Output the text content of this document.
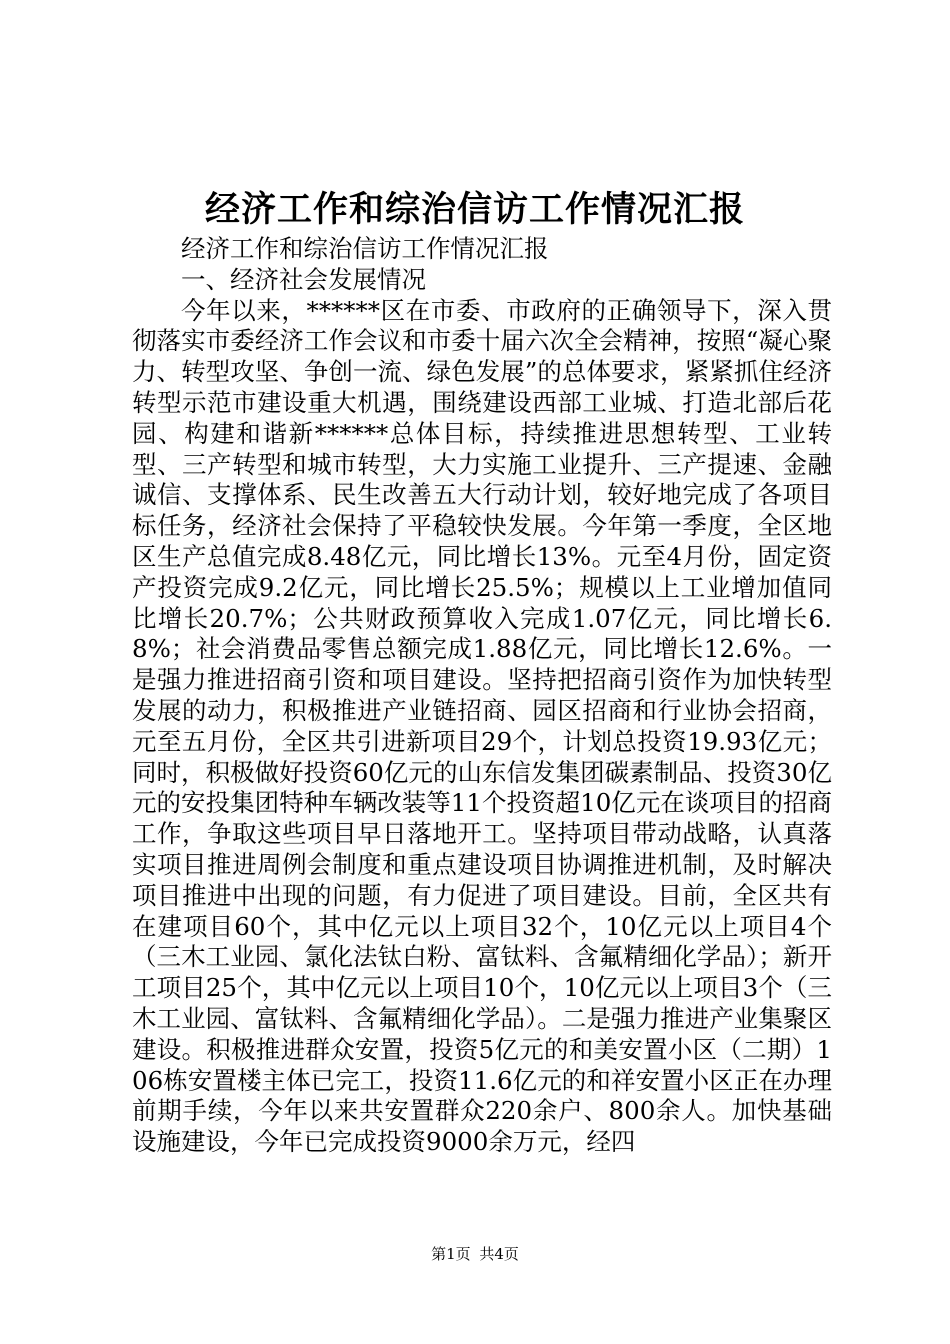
经济工作和综治信访工作情况汇报

经济工作和综治信访工作情况汇报

一、经济社会发展情况

今年以来，******区在市委、市政府的正确领导下，深入贯彻落实市委经济工作会议和市委十届六次全会精神，按照“凝心聚力、转型攻坚、争创一流、绿色发展”的总体要求，紧紧抓住经济转型示范市建设重大机遇，围绕建设西部工业城、打造北部后花园、构建和谐新******总体目标，持续推进思想转型、工业转型、三产转型和城市转型，大力实施工业提升、三产提速、金融诚信、支撑体系、民生改善五大行动计划，较好地完成了各项目标任务，经济社会保持了平稳较快发展。今年第一季度，全区地区生产总值完成8.48亿元，同比增长13%。元至4月份，固定资产投资完成9.2亿元，同比增长25.5%；规模以上工业增加值同比增长20.7%；公共财政预算收入完成1.07亿元，同比增长6.8%；社会消费品零售总额完成1.88亿元，同比增长12.6%。一是强力推进招商引资和项目建设。坚持把招商引资作为加快转型发展的动力，积极推进产业链招商、园区招商和行业协会招商，元至五月份，全区共引进新项目29个，计划总投资19.93亿元；同时，积极做好投资60亿元的山东信发集团碳素制品、投资30亿元的安投集团特种车辆改装等11个投资超10亿元在谈项目的招商工作，争取这些项目早日落地开工。坚持项目带动战略，认真落实项目推进周例会制度和重点建设项目协调推进机制，及时解决项目推进中出现的问题，有力促进了项目建设。目前，全区共有在建项目60个，其中亿元以上项目32个，10亿元以上项目4个（三木工业园、氯化法钛白粉、富钛料、含氟精细化学品）；新开工项目25个，其中亿元以上项目10个，10亿元以上项目3个（三木工业园、富钛料、含氟精细化学品）。二是强力推进产业集聚区建设。积极推进群众安置，投资5亿元的和美安置小区（二期）106栋安置楼主体已完工，投资11.6亿元的和祥安置小区正在办理前期手续，今年以来共安置群众220余户、800余人。加快基础设施建设，今年已完成投资9000余万元，经四

第1页 共4页
